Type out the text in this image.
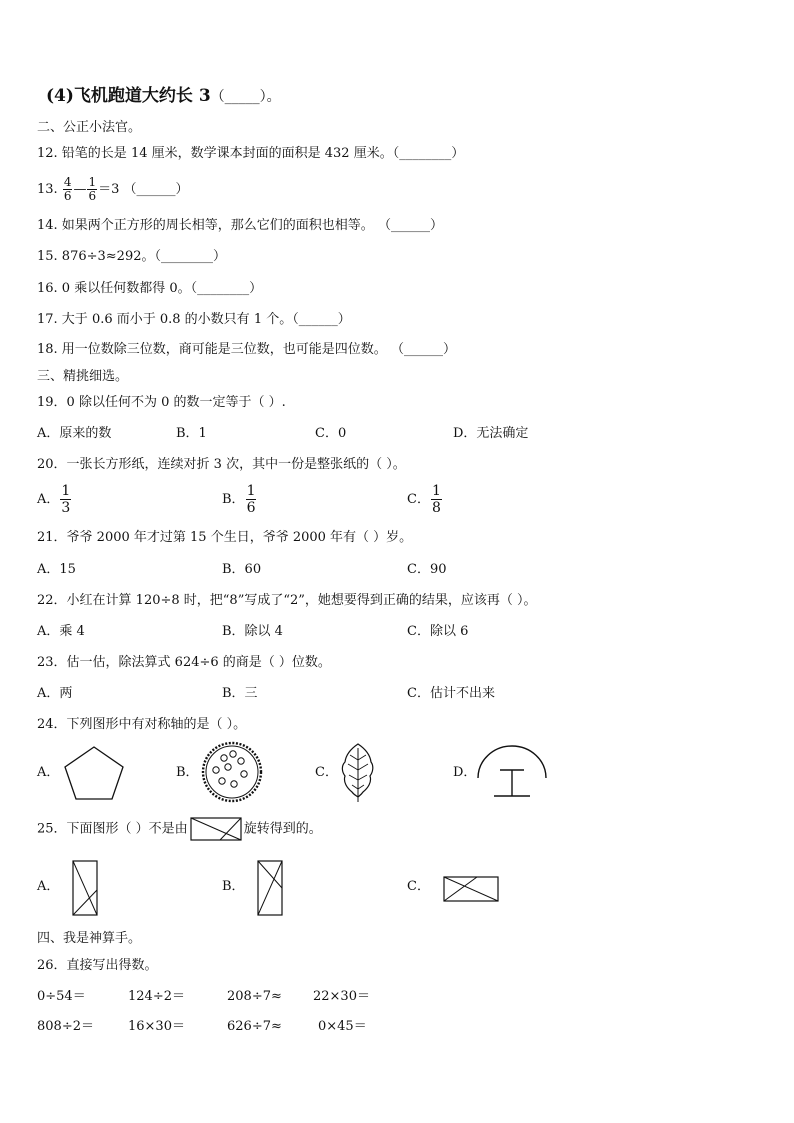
(4)飞机跑道大约长 3（_____）。
二、公正小法官。
12. 铅笔的长是 14 厘米，数学课本封面的面积是 432 厘米。（________）
13. $\frac{4}{6}$ — $\frac{1}{6} =3$ （______）
14. 如果两个正方形的周长相等，那么它们的面积也相等。 （______）
15. 876÷3≈292。（________）
16. 0 乘以任何数都得 0。（________）
17. 大于 0.6 而小于 0.8 的小数只有 1 个。（______）
18. 用一位数除三位数，商可能是三位数，也可能是四位数。 （______）
三、精挑细选。
19．0 除以任何不为 0 的数一定等于（ ）.
A．原来的数	B．1	C．0	D．无法确定
20．一张长方形纸，连续对折 3 次，其中一份是整张纸的（ ）。
A． $\frac{1}{3}$	B． $\frac{1}{6}$	C． $\frac{1}{8}$
21．爷爷 2000 年才过第 15 个生日，爷爷 2000 年有（ ）岁。
A．15	B．60	C．90
22．小红在计算 120÷8 时，把“8”写成了“2”，她想要得到正确的结果，应该再（ ）。
A．乘 4	B．除以 4	C．除以 6
23．估一估，除法算式 624÷6 的商是（ ）位数。
A．两	B．三	C．估计不出来
24．下列图形中有对称轴的是（ ）。
A．	B．	C．	D．
25．下面图形（ ）不是由	旋转得到的。
A．	B．	C．
四、我是神算手。
26．直接写出得数。
0÷54＝	124÷2＝	208÷7≈ 22×30＝
808÷2＝	16×30＝	626÷7≈	0×45＝
